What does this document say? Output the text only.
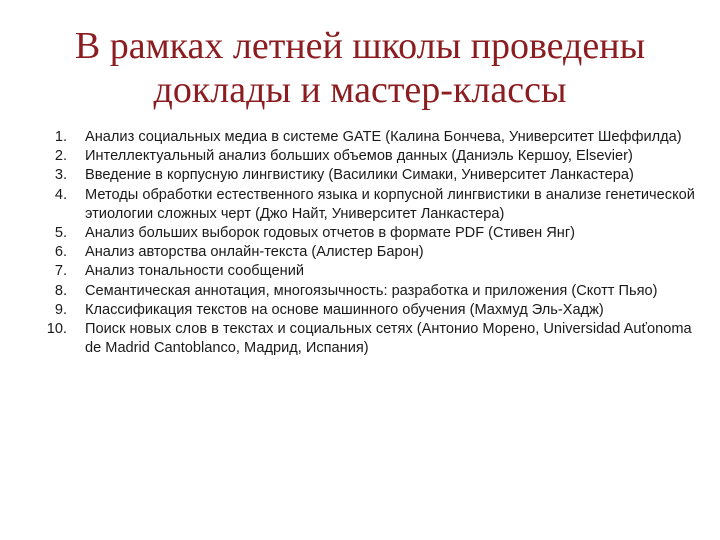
В рамках летней школы проведены
доклады и мастер-классы
1. Анализ социальных медиа в системе GATE (Калина Бончева, Университет Шеффилда)
2. Интеллектуальный анализ больших объемов данных (Даниэль Кершоу, Elsevier)
3. Введение в корпусную лингвистику (Василики Симаки, Университет Ланкастера)
4. Методы обработки естественного языка и корпусной лингвистики в анализе генетической этиологии сложных черт (Джо Найт, Университет Ланкастера)
5. Анализ больших выборок годовых отчетов в формате PDF (Стивен Янг)
6. Анализ авторства онлайн-текста (Алистер Барон)
7. Анализ тональности сообщений
8. Семантическая аннотация, многоязычность: разработка и приложения (Скотт Пьяо)
9. Классификация текстов на основе машинного обучения (Махмуд Эль-Хадж)
10. Поиск новых слов в текстах и социальных сетях (Антонио Морено, Universidad Auťonoma de Madrid Cantoblanco, Мадрид, Испания)
